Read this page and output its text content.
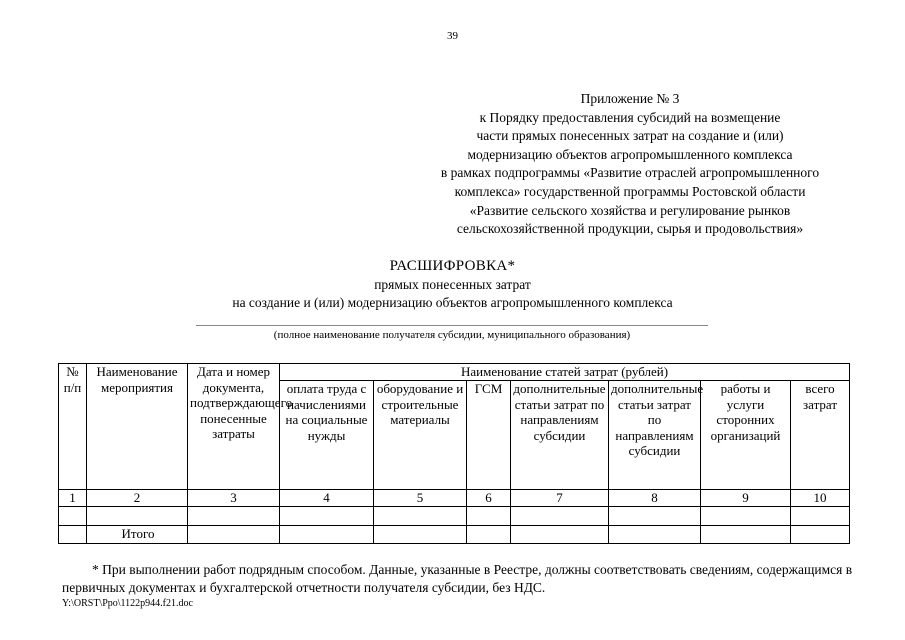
39
Приложение № 3
к Порядку предоставления субсидий на возмещение
части прямых понесенных затрат на создание и (или)
модернизацию объектов агропромышленного комплекса
в рамках подпрограммы «Развитие отраслей агропромышленного
комплекса» государственной программы Ростовской области
«Развитие сельского хозяйства и регулирование рынков
сельскохозяйственной продукции, сырья и продовольствия»
РАСШИФРОВКА*
прямых понесенных затрат
на создание и (или) модернизацию объектов агропромышленного комплекса
(полное наименование получателя субсидии, муниципального образования)
№ п/п	Наименование мероприятия	Дата и номер документа, подтверждающего понесенные затраты	Наименование статей затрат (рублей)						
			оплата труда с начислениями на социальные нужды	оборудование и строительные материалы	ГСМ	дополнительные статьи затрат по направлениям субсидии	дополнительные статьи затрат по направлениям субсидии	работы и услуги сторонних организаций	всего затрат
1	2	3	4	5	6	7	8	9	10

	Итого								
* При выполнении работ подрядным способом. Данные, указанные в Реестре, должны соответствовать сведениям, содержащимся в первичных документах и бухгалтерской отчетности получателя субсидии, без НДС.
Y:\ORST\Ppo\1122p944.f21.doc
